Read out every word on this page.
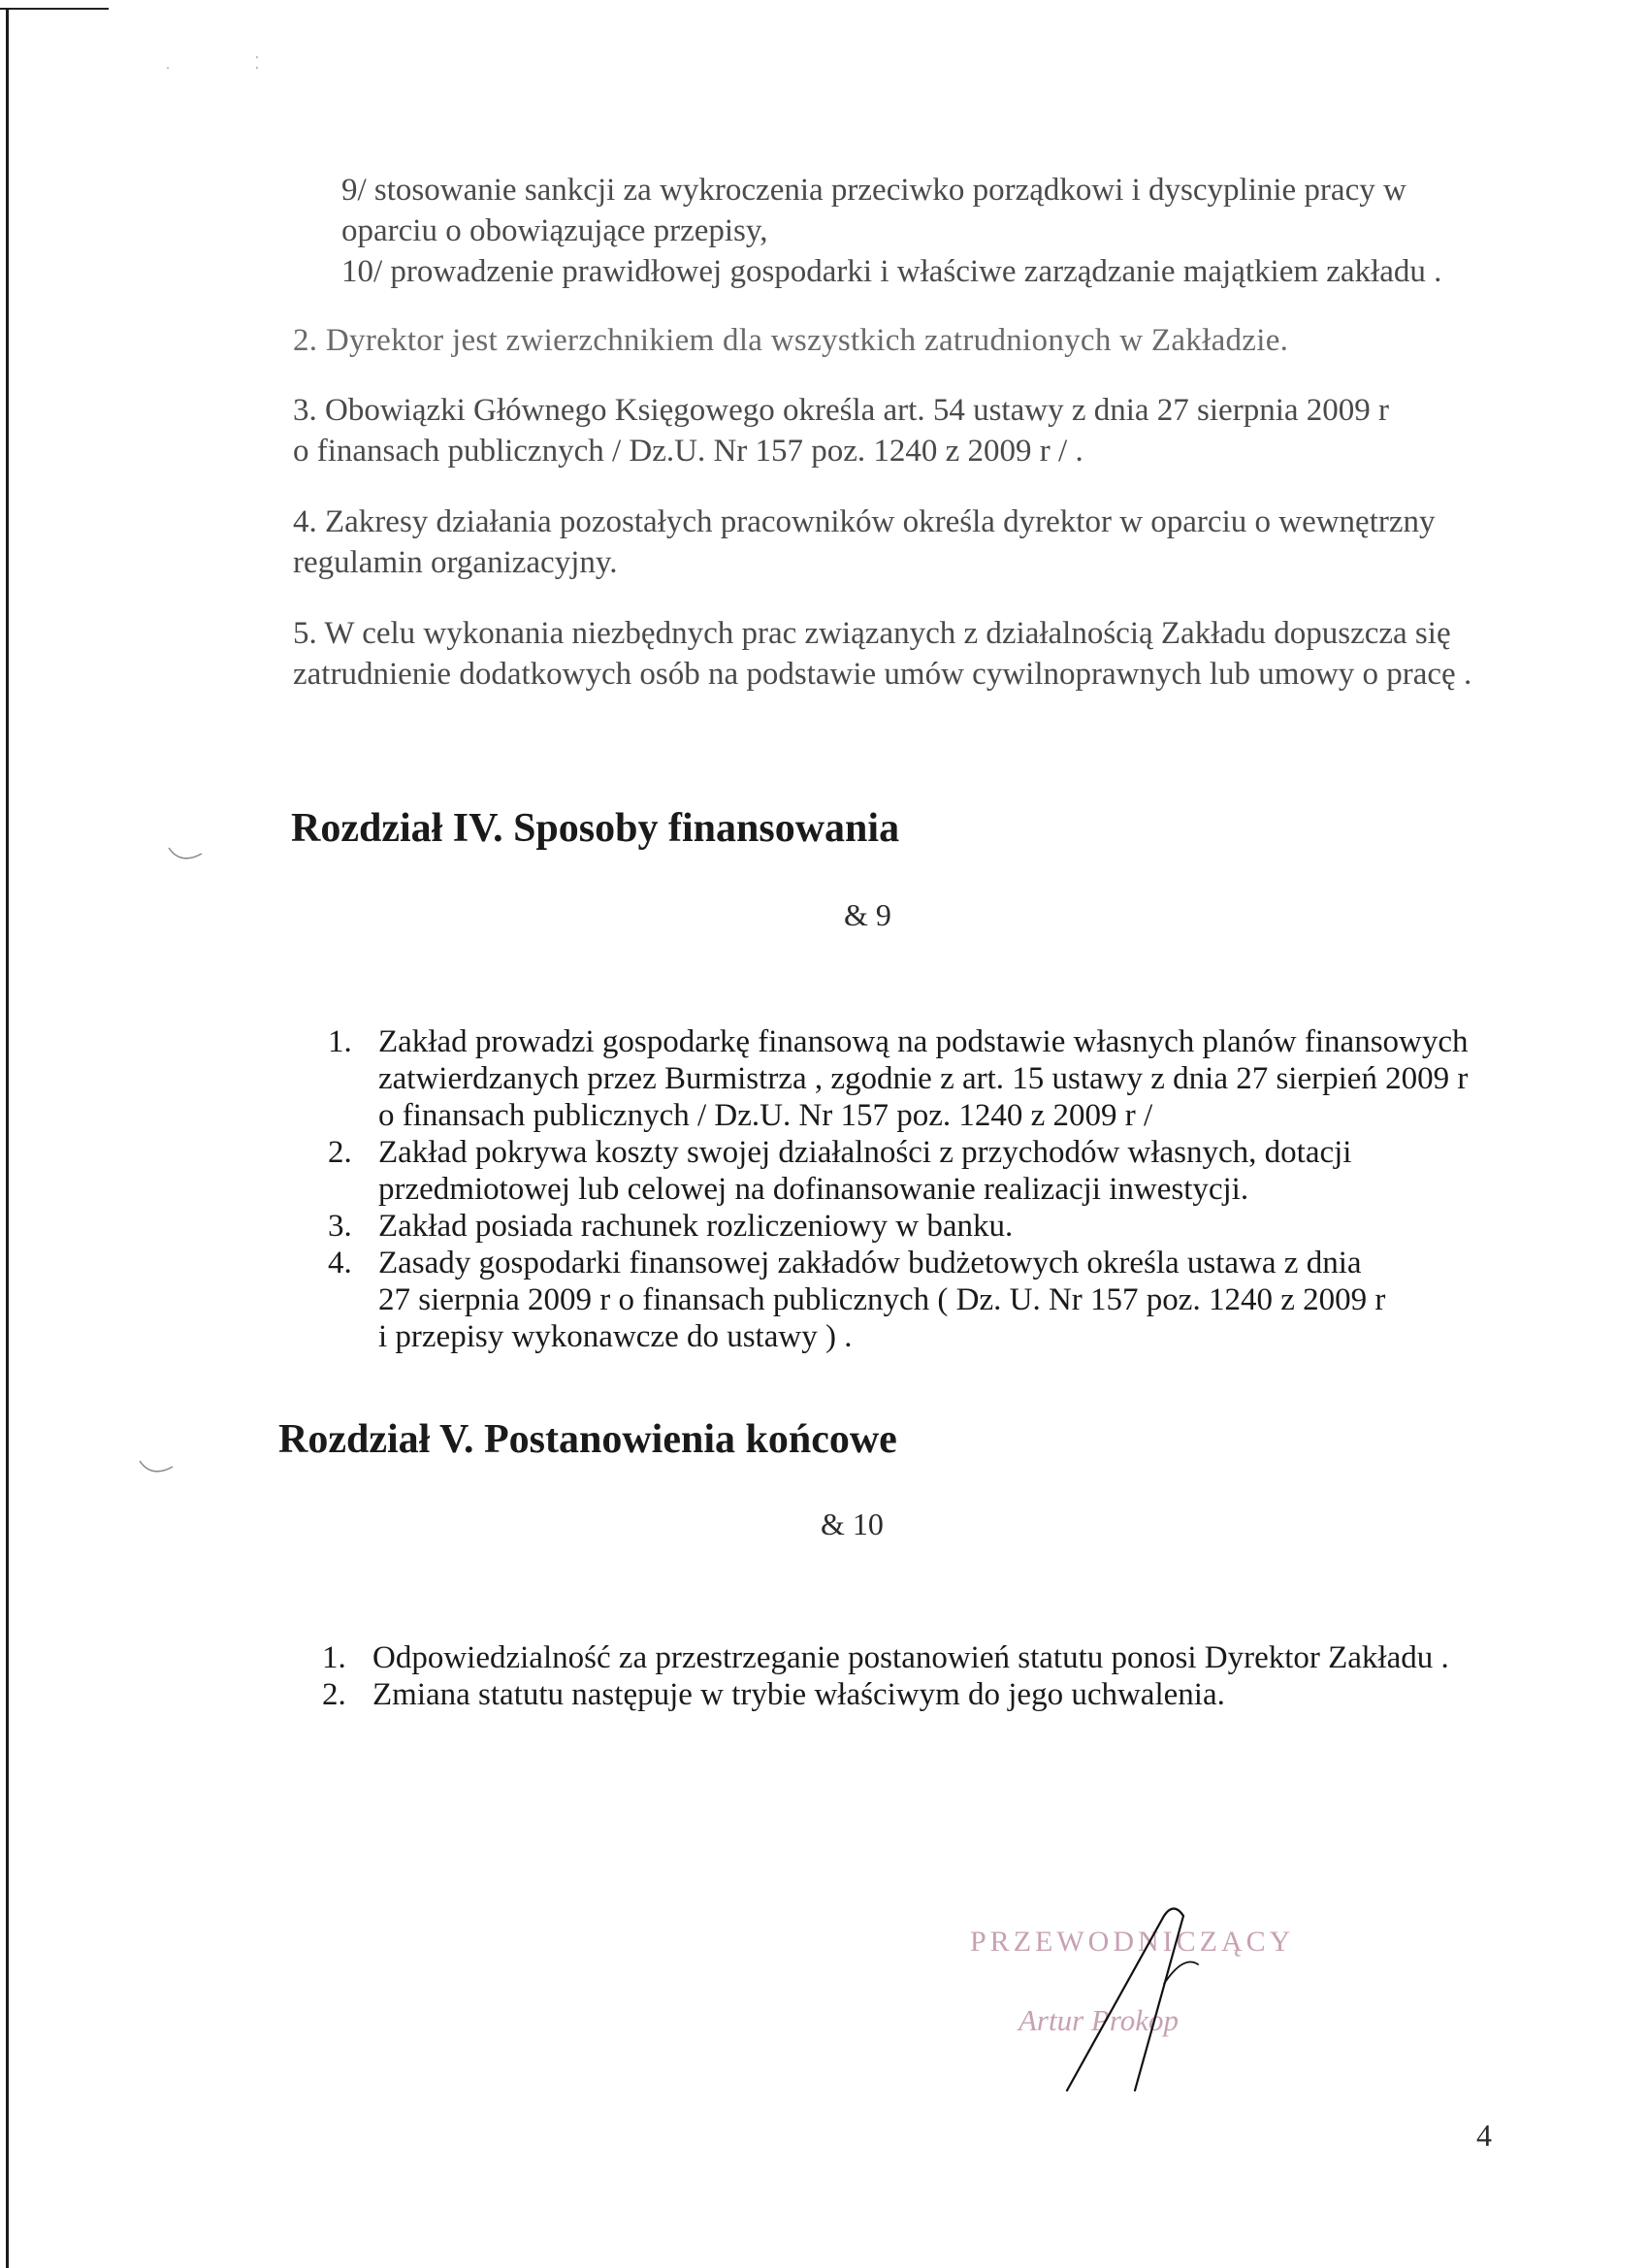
·	⁚
9/ stosowanie sankcji za wykroczenia przeciwko porządkowi i dyscyplinie pracy w
oparciu o obowiązujące przepisy,
10/ prowadzenie prawidłowej gospodarki i właściwe zarządzanie majątkiem zakładu .
2. Dyrektor jest zwierzchnikiem dla wszystkich zatrudnionych w Zakładzie.
3. Obowiązki Głównego Księgowego określa art. 54 ustawy z dnia 27 sierpnia 2009 r
o finansach publicznych / Dz.U. Nr 157 poz. 1240 z 2009 r / .
4. Zakresy działania pozostałych pracowników określa dyrektor w oparciu o wewnętrzny
regulamin organizacyjny.
5. W celu wykonania niezbędnych prac związanych z działalnością Zakładu dopuszcza się
zatrudnienie dodatkowych osób na podstawie umów cywilnoprawnych lub umowy o pracę .
Rozdział IV. Sposoby finansowania
& 9
1. Zakład prowadzi gospodarkę finansową na podstawie własnych planów finansowych
zatwierdzanych przez Burmistrza , zgodnie z art. 15 ustawy z dnia 27 sierpień 2009 r
o finansach publicznych / Dz.U. Nr 157 poz. 1240 z 2009 r /
2. Zakład pokrywa koszty swojej działalności z przychodów własnych, dotacji
przedmiotowej lub celowej na dofinansowanie realizacji inwestycji.
3. Zakład posiada rachunek rozliczeniowy w banku.
4. Zasady gospodarki finansowej zakładów budżetowych określa ustawa z dnia
27 sierpnia 2009 r o finansach publicznych ( Dz. U. Nr 157 poz. 1240 z 2009 r
i przepisy wykonawcze do ustawy ) .
Rozdział V. Postanowienia końcowe
& 10
1. Odpowiedzialność za przestrzeganie postanowień statutu ponosi Dyrektor Zakładu .
2. Zmiana statutu następuje w trybie właściwym do jego uchwalenia.
PRZEWODNICZĄCY
Artur Prokop
4
